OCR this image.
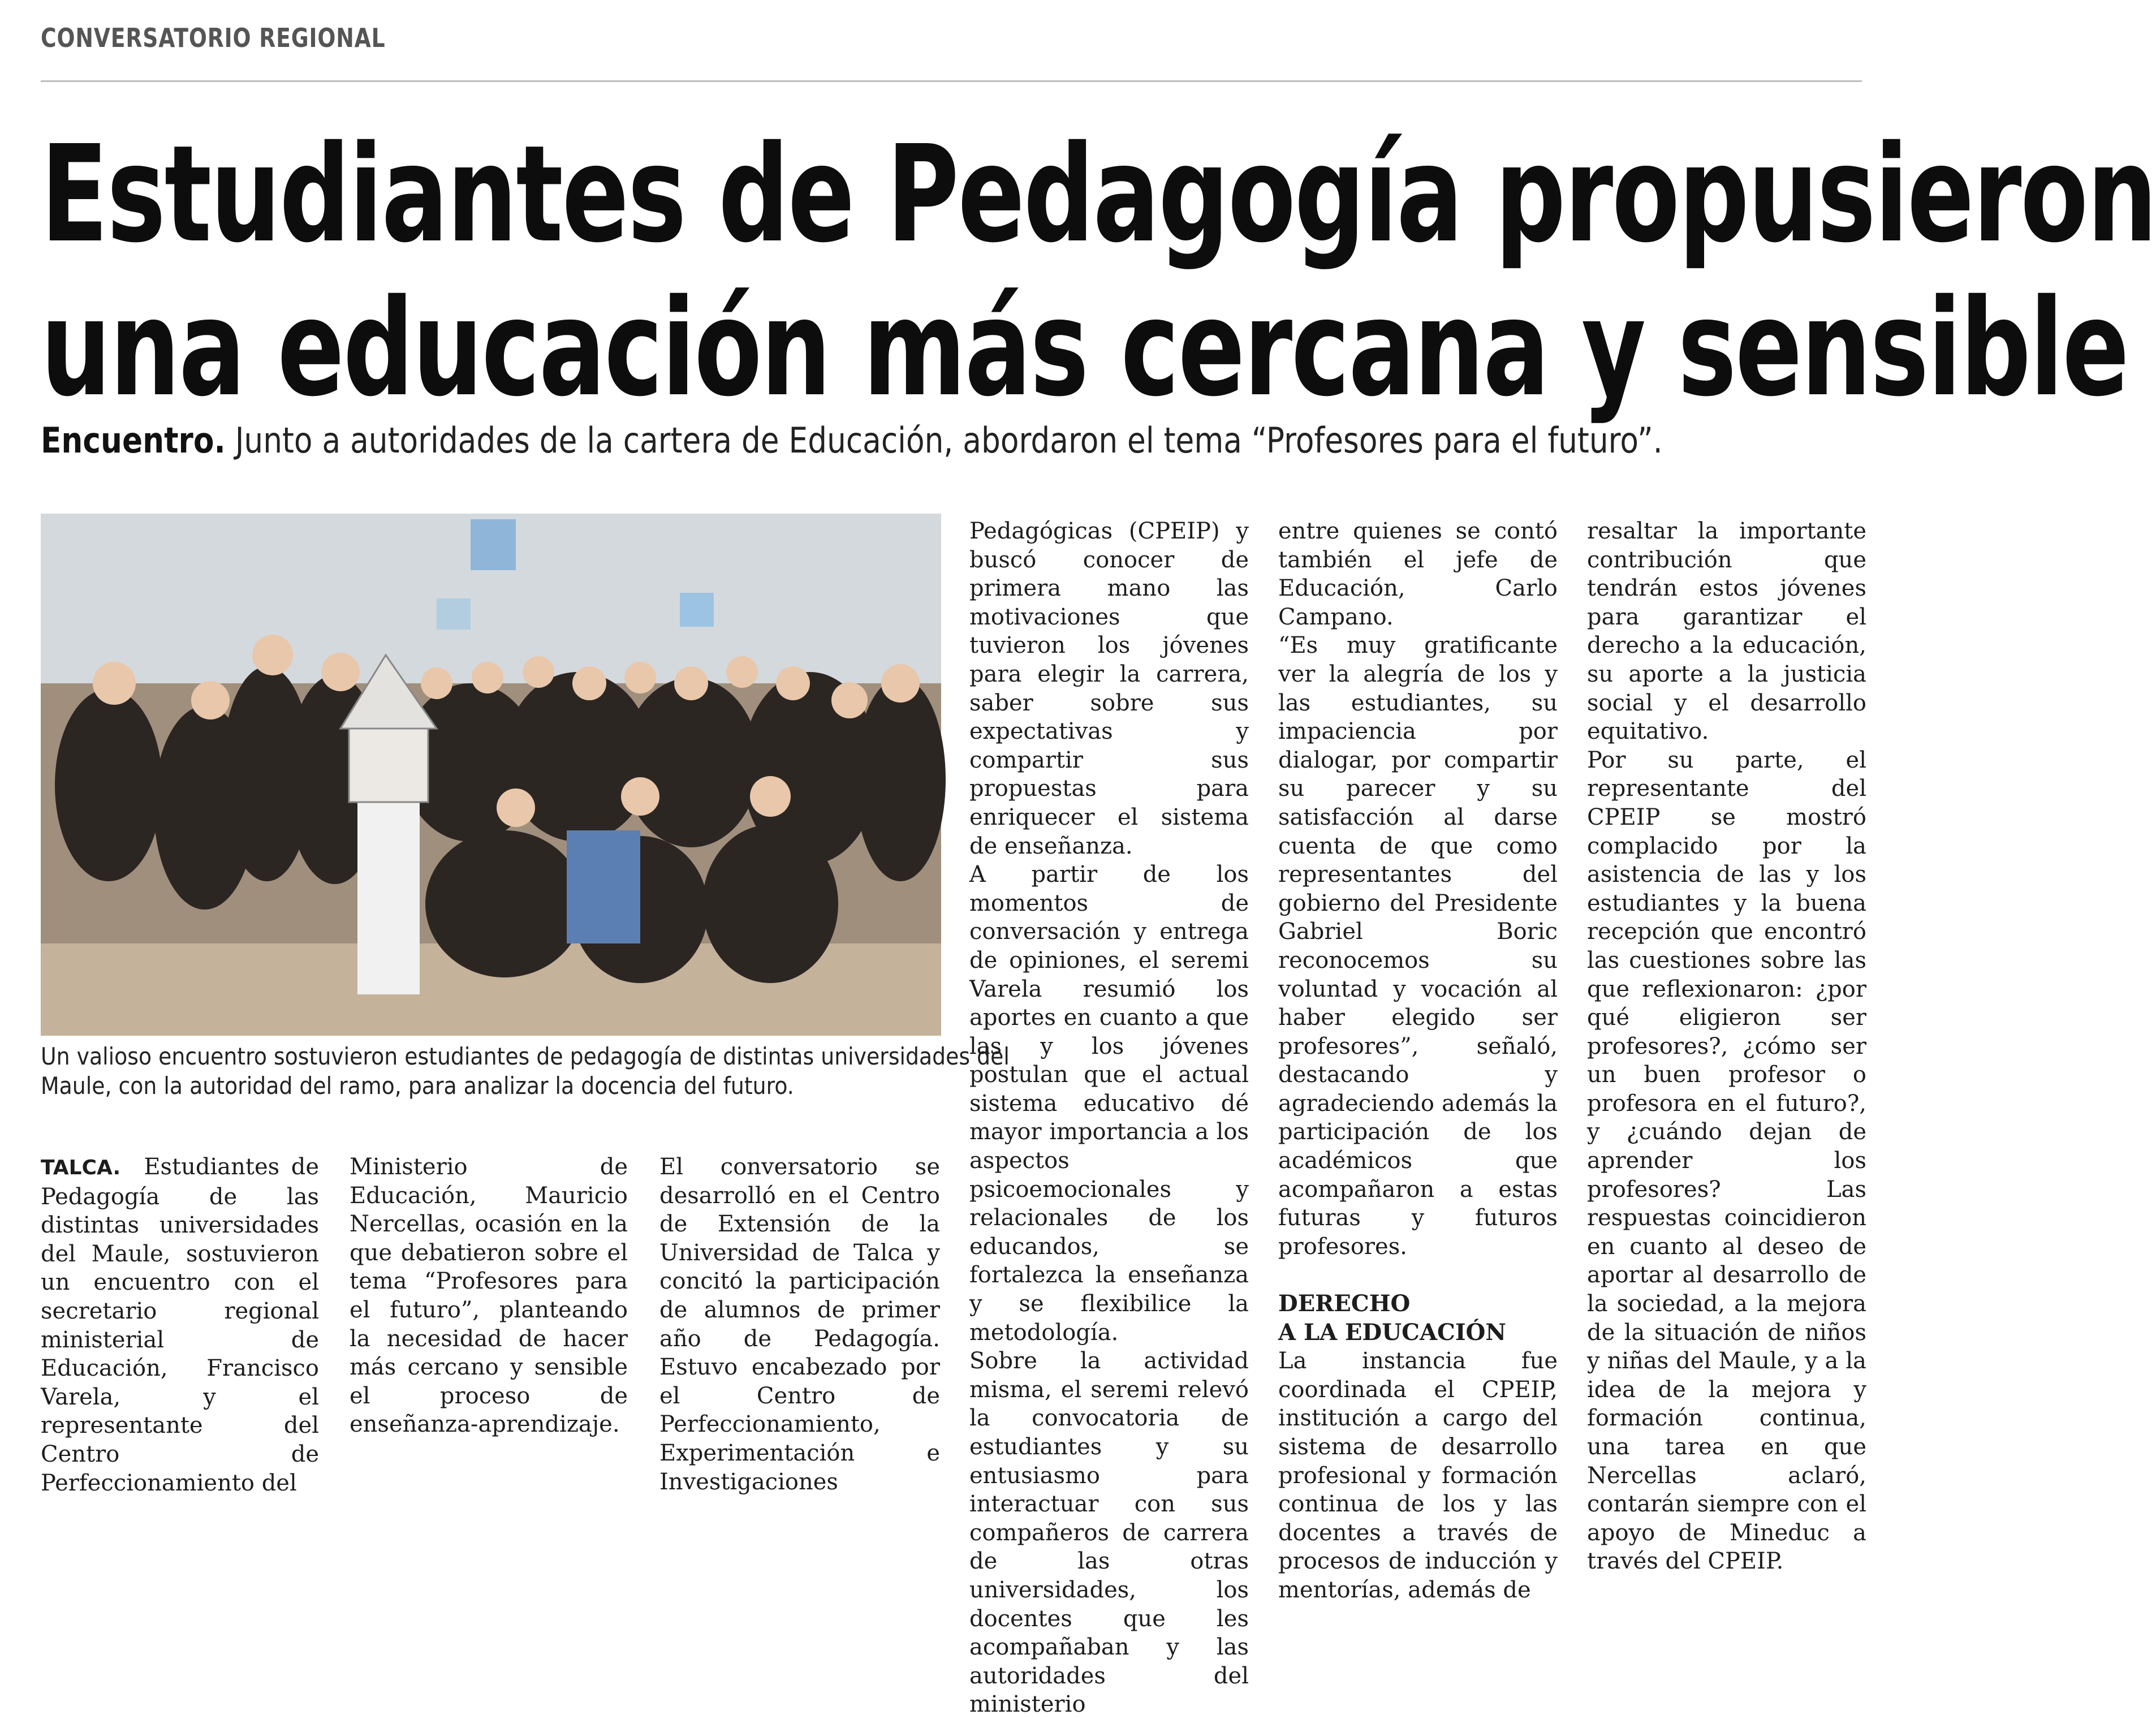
CONVERSATORIO REGIONAL
Estudiantes de Pedagogía propusieron
una educación más cercana y sensible
Encuentro. Junto a autoridades de la cartera de Educación, abordaron el tema “Profesores para el futuro”.
Un valioso encuentro sostuvieron estudiantes de pedagogía de distintas universidades del
Maule, con la autoridad del ramo, para analizar la docencia del futuro.

TALCA. Estudiantes de Pedagogía de las distintas universidades del Maule, sostuvieron un encuentro con el secretario regional ministerial de Educación, Francisco Varela, y el representante del Centro de Perfeccionamiento del

Ministerio de Educación, Mauricio Nercellas, ocasión en la que debatieron sobre el tema “Profesores para el futuro”, planteando la necesidad de hacer más cercano y sensible el proceso de enseñanza-aprendizaje.

El conversatorio se desarrolló en el Centro de Extensión de la Universidad de Talca y concitó la participación de alumnos de primer año de Pedagogía. Estuvo encabezado por el Centro de Perfeccionamiento, Experimentación e Investigaciones

Pedagógicas (CPEIP) y buscó conocer de primera mano las motivaciones que tuvieron los jóvenes para elegir la carrera, saber sobre sus expectativas y compartir sus propuestas para enriquecer el sistema de enseñanza.

A partir de los momentos de conversación y entrega de opiniones, el seremi Varela resumió los aportes en cuanto a que las y los jóvenes postulan que el actual sistema educativo dé mayor importancia a los aspectos psicoemocionales y relacionales de los educandos, se fortalezca la enseñanza y se flexibilice la metodología.

Sobre la actividad misma, el seremi relevó la convocatoria de estudiantes y su entusiasmo para interactuar con sus compañeros de carrera de las otras universidades, los docentes que les acompañaban y las autoridades del ministerio

entre quienes se contó también el jefe de Educación, Carlo Campano.

“Es muy gratificante ver la alegría de los y las estudiantes, su impaciencia por dialogar, por compartir su parecer y su satisfacción al darse cuenta de que como representantes del gobierno del Presidente Gabriel Boric reconocemos su voluntad y vocación al haber elegido ser profesores”, señaló, destacando y agradeciendo además la participación de los académicos que acompañaron a estas futuras y futuros profesores.

DERECHO
A LA EDUCACIÓN

La instancia fue coordinada el CPEIP, institución a cargo del sistema de desarrollo profesional y formación continua de los y las docentes a través de procesos de inducción y mentorías, además de

resaltar la importante contribución que tendrán estos jóvenes para garantizar el derecho a la educación, su aporte a la justicia social y el desarrollo equitativo.

Por su parte, el representante del CPEIP se mostró complacido por la asistencia de las y los estudiantes y la buena recepción que encontró las cuestiones sobre las que reflexionaron: ¿por qué eligieron ser profesores?, ¿cómo ser un buen profesor o profesora en el futuro?, y ¿cuándo dejan de aprender los profesores? Las respuestas coincidieron en cuanto al deseo de aportar al desarrollo de la sociedad, a la mejora de la situación de niños y niñas del Maule, y a la idea de la mejora y formación continua, una tarea en que Nercellas aclaró, contarán siempre con el apoyo de Mineduc a través del CPEIP.
